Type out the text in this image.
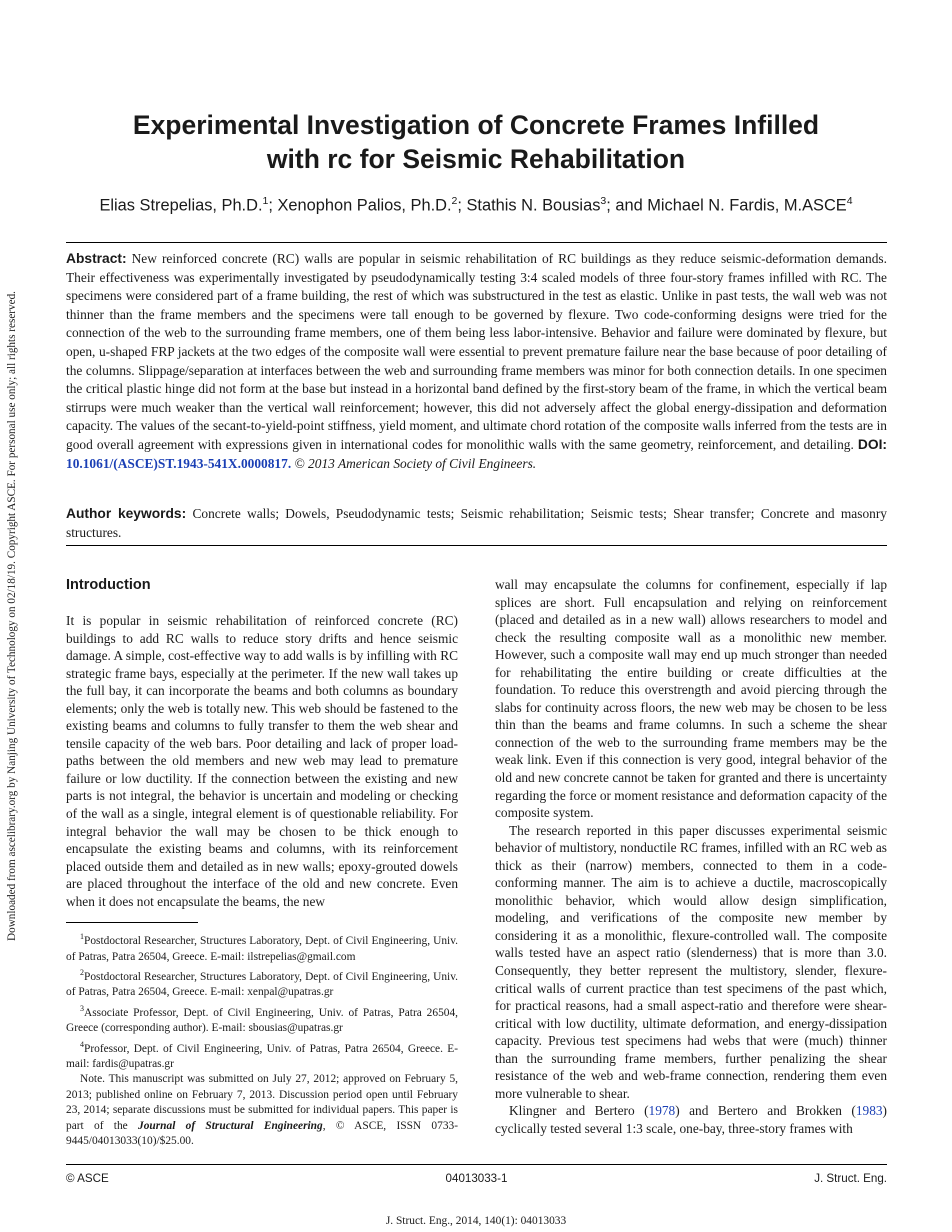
Downloaded from ascelibrary.org by Nanjing University of Technology on 02/18/19. Copyright ASCE. For personal use only; all rights reserved.
Experimental Investigation of Concrete Frames Infilled
with rc for Seismic Rehabilitation
Elias Strepelias, Ph.D.$^1$; Xenophon Palios, Ph.D.$^2$; Stathis N. Bousias$^3$; and Michael N. Fardis, M.ASCE$^4$

Abstract: New reinforced concrete (RC) walls are popular in seismic rehabilitation of RC buildings as they reduce seismic-deformation demands. Their effectiveness was experimentally investigated by pseudodynamically testing 3:4 scaled models of three four-story frames infilled with RC. The specimens were considered part of a frame building, the rest of which was substructured in the test as elastic. Unlike in past tests, the wall web was not thinner than the frame members and the specimens were tall enough to be governed by flexure. Two code-conforming designs were tried for the connection of the web to the surrounding frame members, one of them being less labor-intensive. Behavior and failure were dominated by flexure, but open, u-shaped FRP jackets at the two edges of the composite wall were essential to prevent premature failure near the base because of poor detailing of the columns. Slippage/separation at interfaces between the web and surrounding frame members was minor for both connection details. In one specimen the critical plastic hinge did not form at the base but instead in a horizontal band defined by the first-story beam of the frame, in which the vertical beam stirrups were much weaker than the vertical wall reinforcement; however, this did not adversely affect the global energy-dissipation and deformation capacity. The values of the secant-to-yield-point stiffness, yield moment, and ultimate chord rotation of the composite walls inferred from the tests are in good overall agreement with expressions given in international codes for monolithic walls with the same geometry, reinforcement, and detailing. DOI: 10.1061/(ASCE)ST.1943-541X.0000817. © 2013 American Society of Civil Engineers.

Author keywords: Concrete walls; Dowels, Pseudodynamic tests; Seismic rehabilitation; Seismic tests; Shear transfer; Concrete and masonry structures.

Introduction

It is popular in seismic rehabilitation of reinforced concrete (RC) buildings to add RC walls to reduce story drifts and hence seismic damage. A simple, cost-effective way to add walls is by infilling with RC strategic frame bays, especially at the perimeter. If the new wall takes up the full bay, it can incorporate the beams and both columns as boundary elements; only the web is totally new. This web should be fastened to the existing beams and columns to fully transfer to them the web shear and tensile capacity of the web bars. Poor detailing and lack of proper load-paths between the old members and new web may lead to premature failure or low ductility. If the connection between the existing and new parts is not integral, the behavior is uncertain and modeling or checking of the wall as a single, integral element is of questionable reliability. For integral behavior the wall may be chosen to be thick enough to encapsulate the existing beams and columns, with its reinforcement placed outside them and detailed as in new walls; epoxy-grouted dowels are placed throughout the interface of the old and new concrete. Even when it does not encapsulate the beams, the new

$^1$Postdoctoral Researcher, Structures Laboratory, Dept. of Civil Engineering, Univ. of Patras, Patra 26504, Greece. E-mail: ilstrepelias@gmail.com

$^2$Postdoctoral Researcher, Structures Laboratory, Dept. of Civil Engineering, Univ. of Patras, Patra 26504, Greece. E-mail: xenpal@upatras.gr

$^3$Associate Professor, Dept. of Civil Engineering, Univ. of Patras, Patra 26504, Greece (corresponding author). E-mail: sbousias@upatras.gr

$^4$Professor, Dept. of Civil Engineering, Univ. of Patras, Patra 26504, Greece. E-mail: fardis@upatras.gr

Note. This manuscript was submitted on July 27, 2012; approved on February 5, 2013; published online on February 7, 2013. Discussion period open until February 23, 2014; separate discussions must be submitted for individual papers. This paper is part of the Journal of Structural Engineering, © ASCE, ISSN 0733-9445/04013033(10)/$25.00.

wall may encapsulate the columns for confinement, especially if lap splices are short. Full encapsulation and relying on reinforcement (placed and detailed as in a new wall) allows researchers to model and check the resulting composite wall as a monolithic new member. However, such a composite wall may end up much stronger than needed for rehabilitating the entire building or create difficulties at the foundation. To reduce this overstrength and avoid piercing through the slabs for continuity across floors, the new web may be chosen to be less thin than the beams and frame columns. In such a scheme the shear connection of the web to the surrounding frame members may be the weak link. Even if this connection is very good, integral behavior of the old and new concrete cannot be taken for granted and there is uncertainty regarding the force or moment resistance and deformation capacity of the composite system.

The research reported in this paper discusses experimental seismic behavior of multistory, nonductile RC frames, infilled with an RC web as thick as their (narrow) members, connected to them in a code-conforming manner. The aim is to achieve a ductile, macroscopically monolithic behavior, which would allow design simplification, modeling, and verifications of the composite new member by considering it as a monolithic, flexure-controlled wall. The composite walls tested have an aspect ratio (slenderness) that is more than 3.0. Consequently, they better represent the multistory, slender, flexure-critical walls of current practice than test specimens of the past which, for practical reasons, had a small aspect-ratio and therefore were shear-critical with low ductility, ultimate deformation, and energy-dissipation capacity. Previous test specimens had webs that were (much) thinner than the surrounding frame members, further penalizing the shear resistance of the web and web-frame connection, rendering them even more vulnerable to shear.

Klingner and Bertero (1978) and Bertero and Brokken (1983) cyclically tested several 1:3 scale, one-bay, three-story frames with

© ASCE	04013033-1	J. Struct. Eng.
J. Struct. Eng., 2014, 140(1): 04013033
